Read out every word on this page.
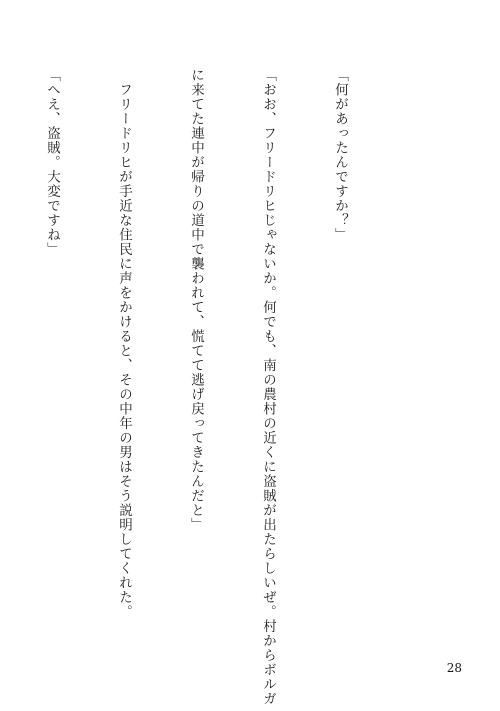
「何があったんですか？」

「おお、フリードリヒじゃないか。何でも、南の農村の近くに盗賊が出たらしいぜ。村からボルガ

に来てた連中が帰りの道中で襲われて、慌てて逃げ戻ってきたんだと」

　フリードリヒが手近な住民に声をかけると、その中年の男はそう説明してくれた。

「へえ、盗賊。大変ですね」

28
